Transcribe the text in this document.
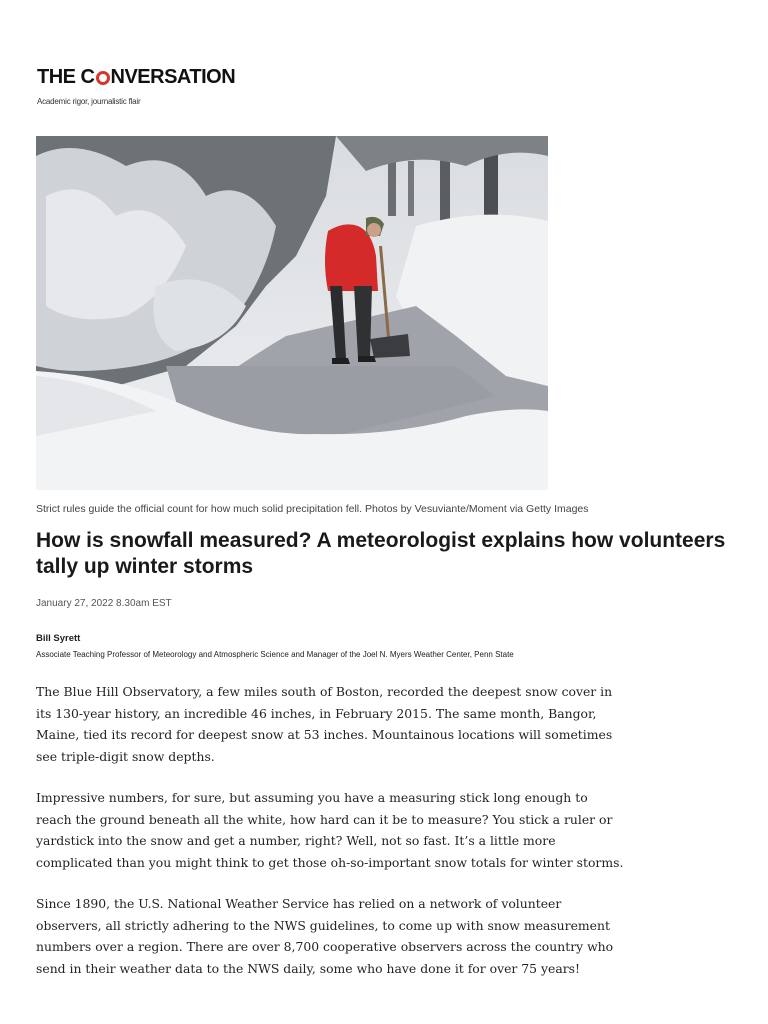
THE C NVERSATION
Academic rigor, journalistic flair
Strict rules guide the official count for how much solid precipitation fell. Photos by Vesuviante/Moment via Getty Images
How is snowfall measured? A meteorologist explains how volunteers tally up winter storms
January 27, 2022 8.30am EST
Bill Syrett
Associate Teaching Professor of Meteorology and Atmospheric Science and Manager of the Joel N. Myers Weather Center, Penn State

The Blue Hill Observatory, a few miles south of Boston, recorded the deepest snow cover in its 130-year history, an incredible 46 inches, in February 2015. The same month, Bangor, Maine, tied its record for deepest snow at 53 inches. Mountainous locations will sometimes see triple-digit snow depths.

Impressive numbers, for sure, but assuming you have a measuring stick long enough to reach the ground beneath all the white, how hard can it be to measure? You stick a ruler or yardstick into the snow and get a number, right? Well, not so fast. It’s a little more complicated than you might think to get those oh-so-important snow totals for winter storms.

Since 1890, the U.S. National Weather Service has relied on a network of volunteer observers, all strictly adhering to the NWS guidelines, to come up with snow measurement numbers over a region. There are over 8,700 cooperative observers across the country who send in their weather data to the NWS daily, some who have done it for over 75 years!
